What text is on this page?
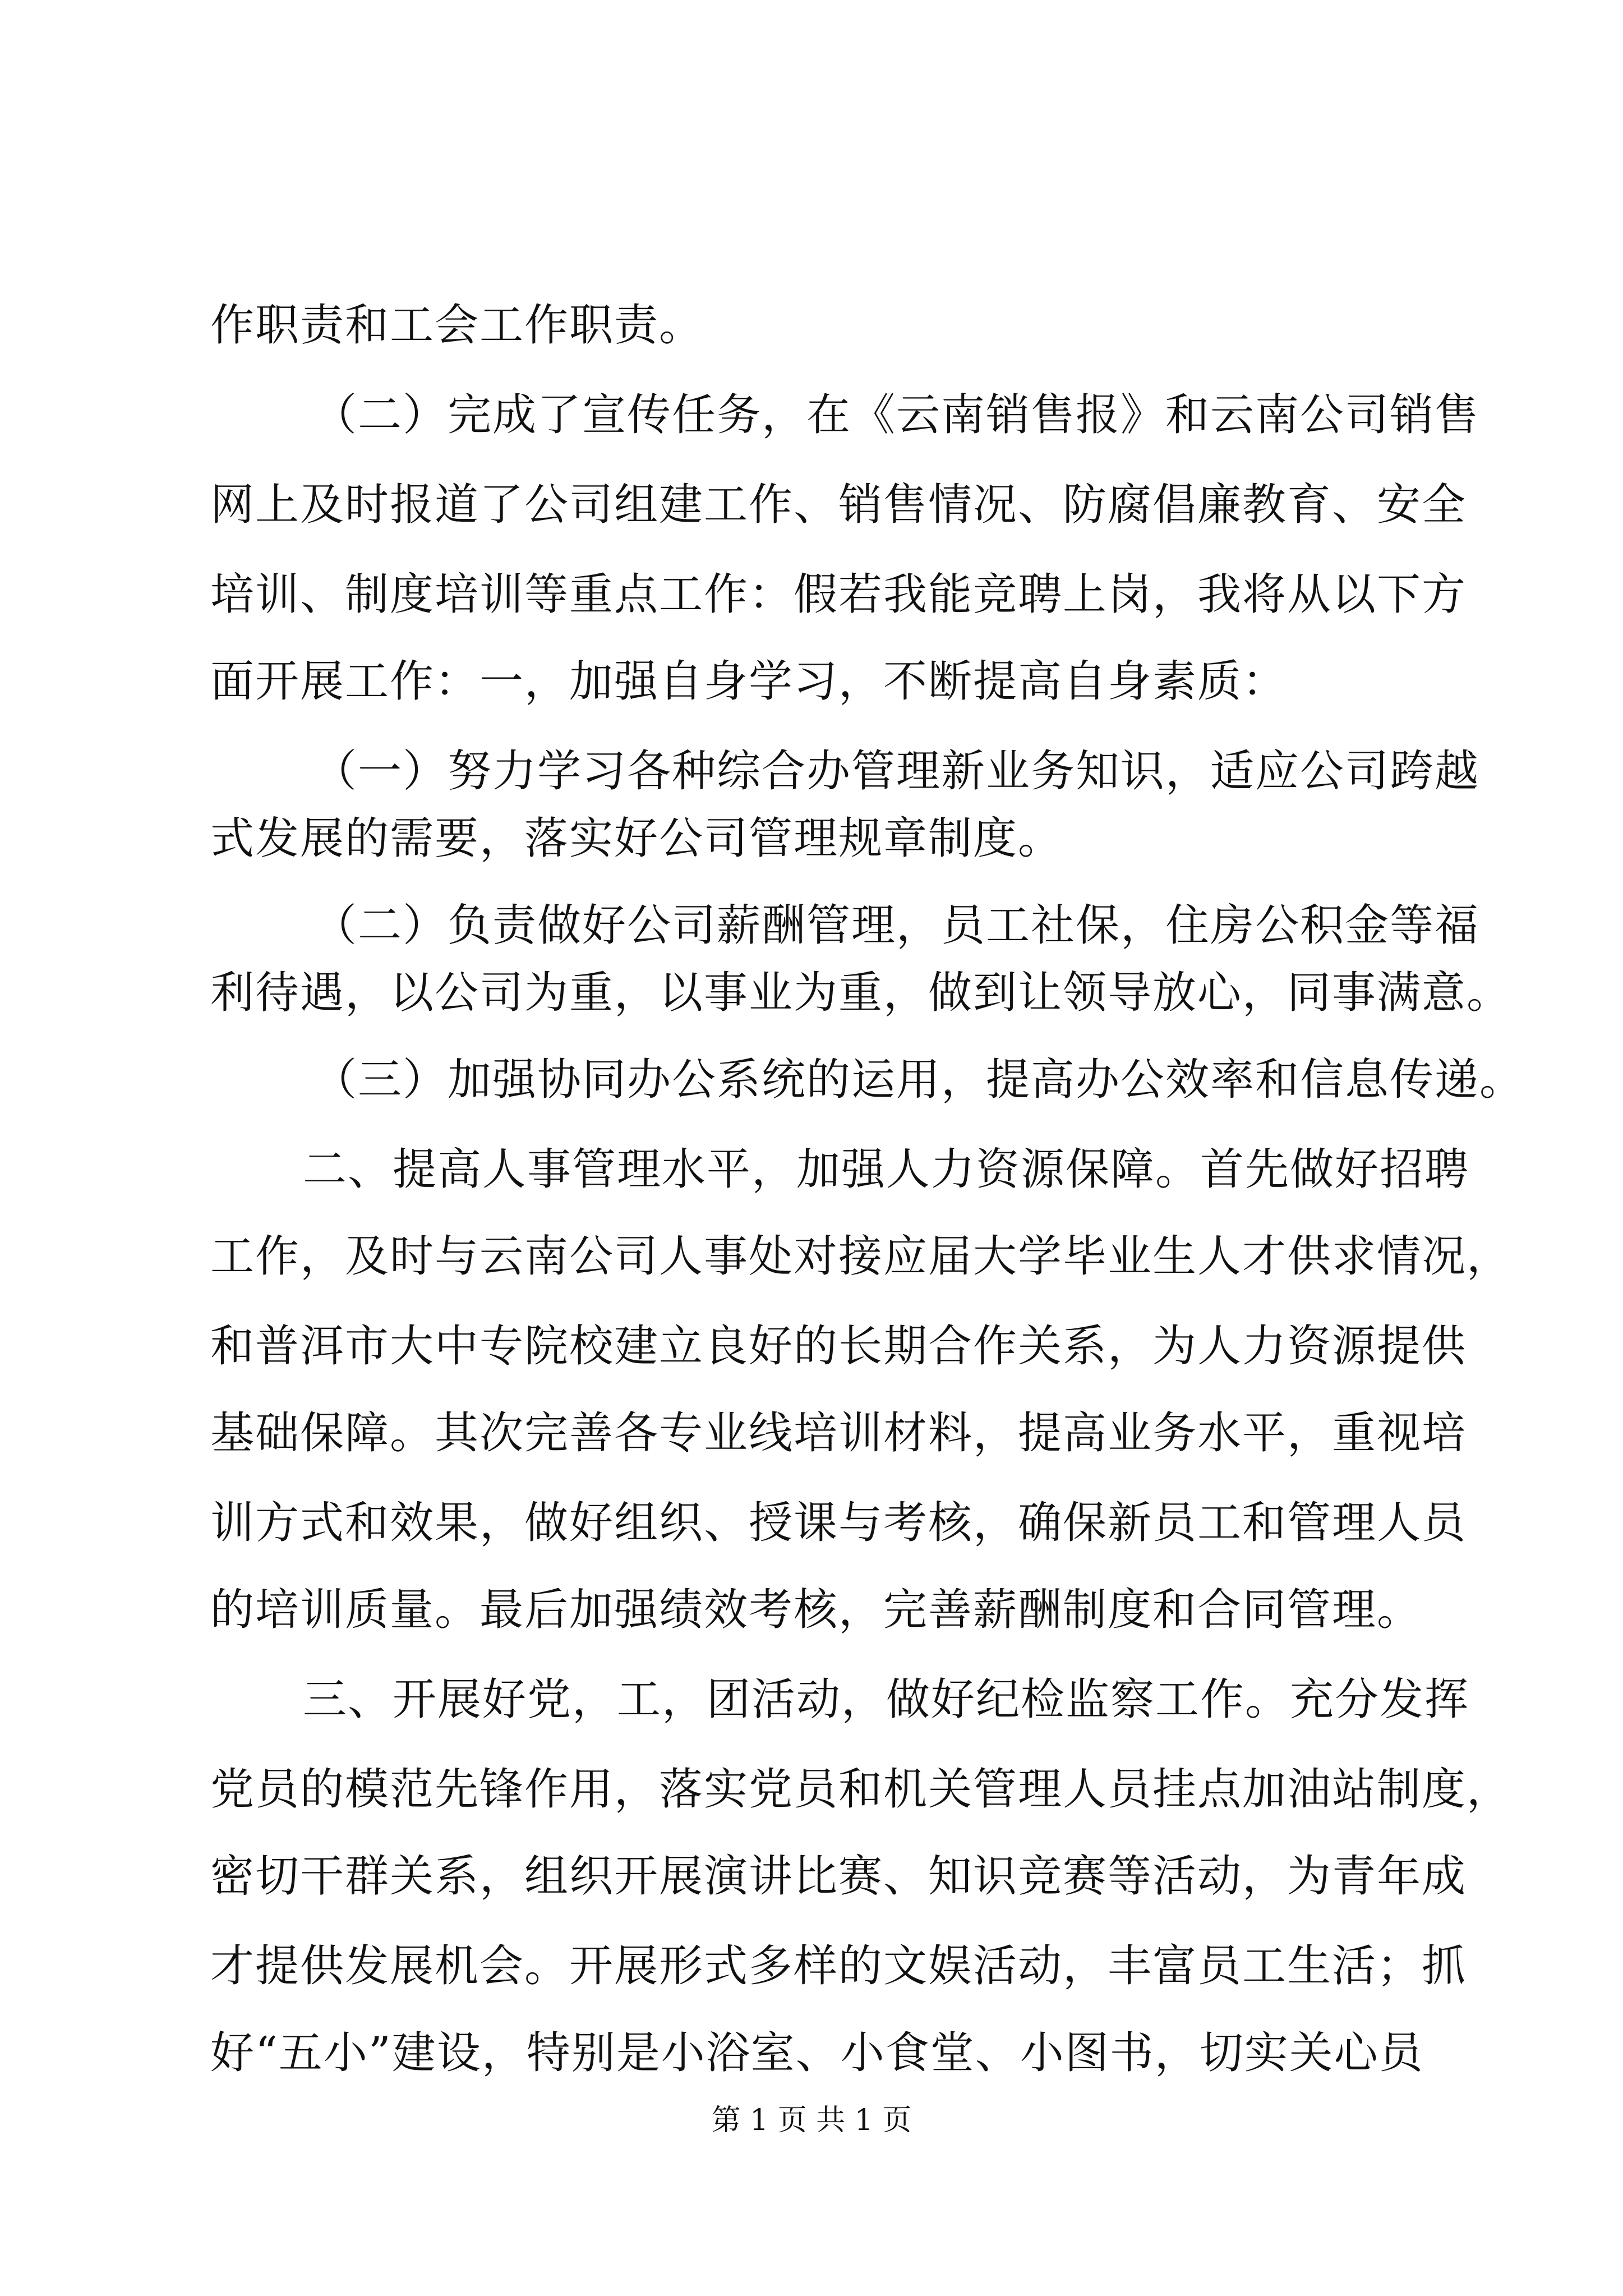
作职责和工会工作职责。
（二）完成了宣传任务，在《云南销售报》和云南公司销售
网上及时报道了公司组建工作、销售情况、防腐倡廉教育、安全
培训、制度培训等重点工作：假若我能竞聘上岗，我将从以下方
面开展工作：一，加强自身学习，不断提高自身素质：
（一）努力学习各种综合办管理新业务知识，适应公司跨越
式发展的需要，落实好公司管理规章制度。
（二）负责做好公司薪酬管理，员工社保，住房公积金等福
利待遇，以公司为重，以事业为重，做到让领导放心，同事满意。
（三）加强协同办公系统的运用，提高办公效率和信息传递。
二、提高人事管理水平，加强人力资源保障。首先做好招聘
工作，及时与云南公司人事处对接应届大学毕业生人才供求情况，
和普洱市大中专院校建立良好的长期合作关系，为人力资源提供
基础保障。其次完善各专业线培训材料，提高业务水平，重视培
训方式和效果，做好组织、授课与考核，确保新员工和管理人员
的培训质量。最后加强绩效考核，完善薪酬制度和合同管理。
三、开展好党，工，团活动，做好纪检监察工作。充分发挥
党员的模范先锋作用，落实党员和机关管理人员挂点加油站制度，
密切干群关系，组织开展演讲比赛、知识竞赛等活动，为青年成
才提供发展机会。开展形式多样的文娱活动，丰富员工生活；抓
好“五小”建设，特别是小浴室、小食堂、小图书，切实关心员
第 1 页 共 1 页
